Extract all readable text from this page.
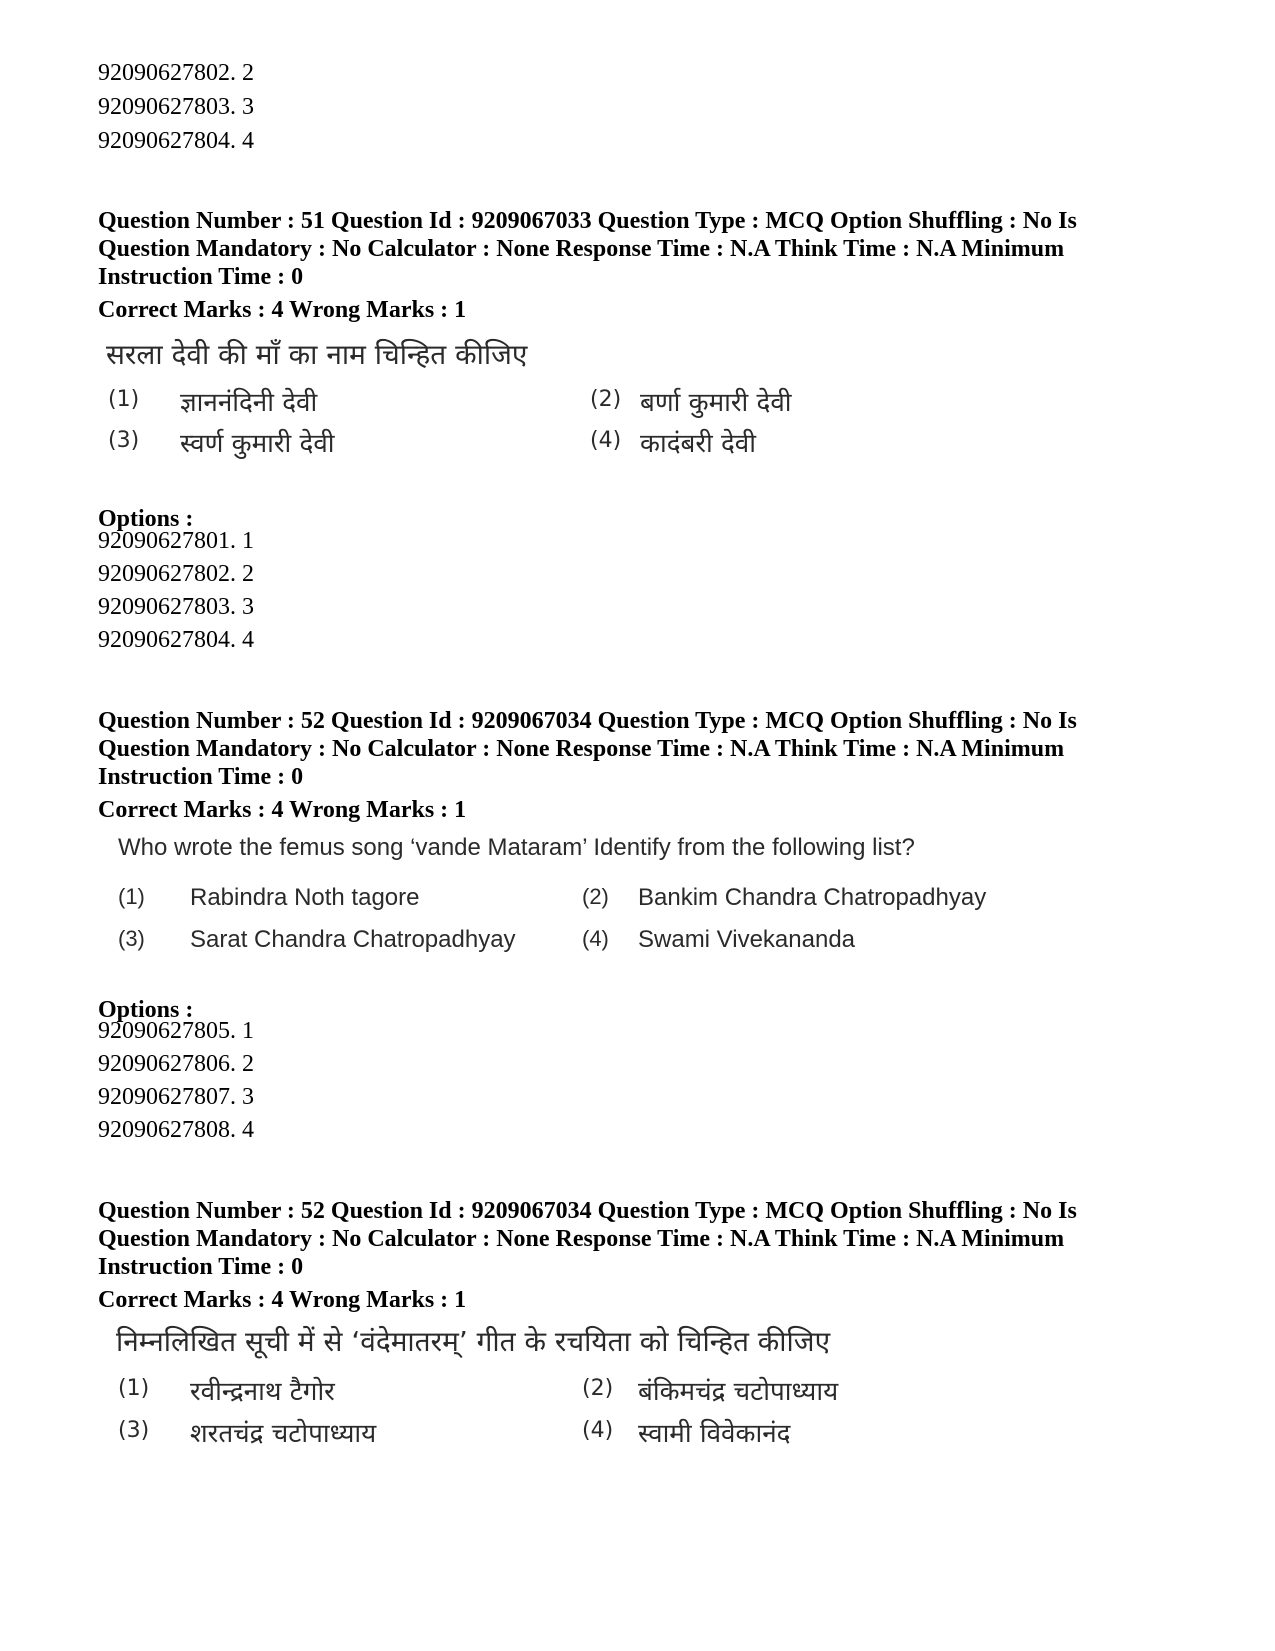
92090627802. 2
92090627803. 3
92090627804. 4
Question Number : 51 Question Id : 9209067033 Question Type : MCQ Option Shuffling : No Is
Question Mandatory : No Calculator : None Response Time : N.A Think Time : N.A Minimum
Instruction Time : 0
Correct Marks : 4 Wrong Marks : 1
सरला देवी की माँ का नाम चिन्हित कीजिए
(1) ज्ञाननंदिनी देवी	(2) बर्णा कुमारी देवी
(3) स्वर्ण कुमारी देवी	(4) कादंबरी देवी
Options :
92090627801. 1
92090627802. 2
92090627803. 3
92090627804. 4
Question Number : 52 Question Id : 9209067034 Question Type : MCQ Option Shuffling : No Is
Question Mandatory : No Calculator : None Response Time : N.A Think Time : N.A Minimum
Instruction Time : 0
Correct Marks : 4 Wrong Marks : 1
Who wrote the femus song ‘vande Mataram’ Identify from the following list?
(1) Rabindra Noth tagore	(2) Bankim Chandra Chatropadhyay
(3) Sarat Chandra Chatropadhyay	(4) Swami Vivekananda
Options :
92090627805. 1
92090627806. 2
92090627807. 3
92090627808. 4
Question Number : 52 Question Id : 9209067034 Question Type : MCQ Option Shuffling : No Is
Question Mandatory : No Calculator : None Response Time : N.A Think Time : N.A Minimum
Instruction Time : 0
Correct Marks : 4 Wrong Marks : 1
निम्नलिखित सूची में से ‘वंदेमातरम्’ गीत के रचयिता को चिन्हित कीजिए
(1) रवीन्द्रनाथ टैगोर	(2) बंकिमचंद्र चटोपाध्याय
(3) शरतचंद्र चटोपाध्याय	(4) स्वामी विवेकानंद
